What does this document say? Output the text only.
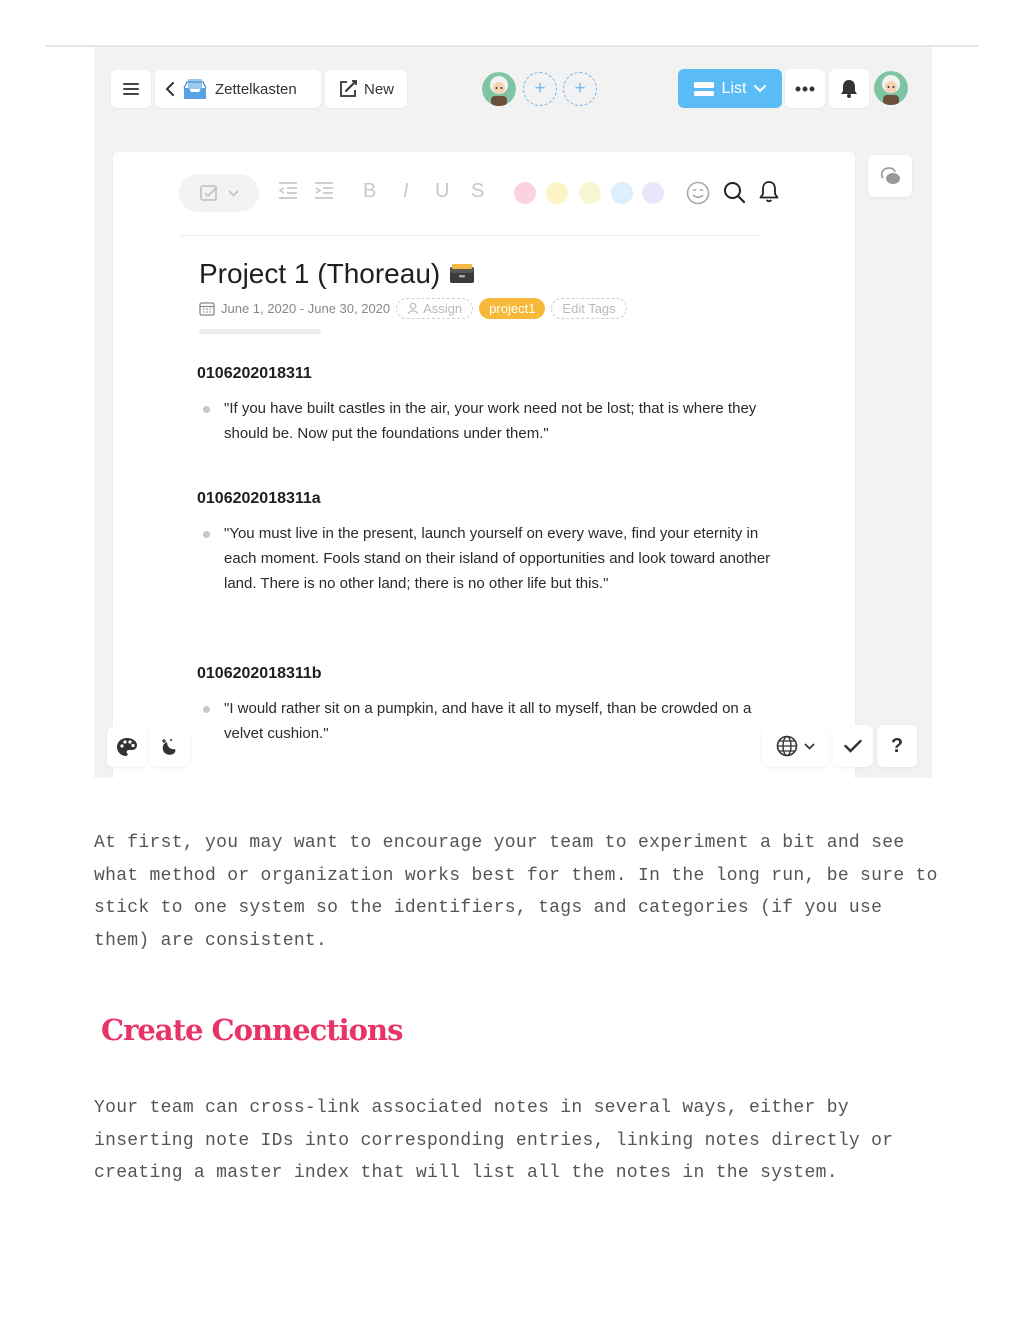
Zettelkasten	New	+	+	List
B I U S
Project 1 (Thoreau)
June 1, 2020 - June 30, 2020	Assign	project1	Edit Tags
0106202018311
"If you have built castles in the air, your work need not be lost; that is where they should be. Now put the foundations under them."
0106202018311a
"You must live in the present, launch yourself on every wave, find your eternity in each moment. Fools stand on their island of opportunities and look toward another land. There is no other land; there is no other life but this."
0106202018311b
"I would rather sit on a pumpkin, and have it all to myself, than be crowded on a velvet cushion."
?

At first, you may want to encourage your team to experiment a bit and see what method or organization works best for them. In the long run, be sure to stick to one system so the identifiers, tags and categories (if you use them) are consistent.

Create Connections

Your team can cross-link associated notes in several ways, either by inserting note IDs into corresponding entries, linking notes directly or creating a master index that will list all the notes in the system.
